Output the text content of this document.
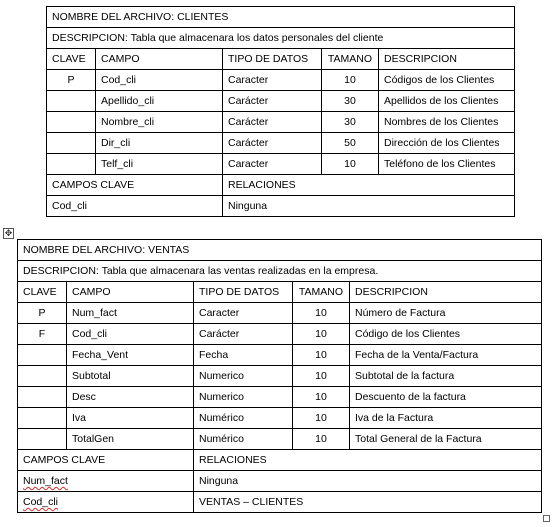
NOMBRE DEL ARCHIVO: CLIENTES				
DESCRIPCION: Tabla que almacenara los datos personales del cliente				
CLAVE	CAMPO	TIPO DE DATOS	TAMANO	DESCRIPCION
P	Cod_cli	Caracter	10	Códigos de los Clientes
	Apellido_cli	Carácter	30	Apellidos de los Clientes
	Nombre_cli	Carácter	30	Nombres de los Clientes
	Dir_cli	Carácter	50	Dirección de los Clientes
	Telf_cli	Caracter	10	Teléfono de los Clientes
CAMPOS CLAVE		RELACIONES		
Cod_cli		Ninguna		
✥
NOMBRE DEL ARCHIVO: VENTAS				
DESCRIPCION: Tabla que almacenara las ventas realizadas en la empresa.				
CLAVE	CAMPO	TIPO DE DATOS	TAMANO	DESCRIPCION
P	Num_fact	Caracter	10	Número de Factura
F	Cod_cli	Carácter	10	Código de los Clientes
	Fecha_Vent	Fecha	10	Fecha de la Venta/Factura
	Subtotal	Numerico	10	Subtotal de la factura
	Desc	Numerico	10	Descuento de la factura
	Iva	Numérico	10	Iva de la Factura
	TotalGen	Numérico	10	Total General de la Factura
CAMPOS CLAVE		RELACIONES		
Num_fact		Ninguna		
Cod_cli		VENTAS – CLIENTES		
